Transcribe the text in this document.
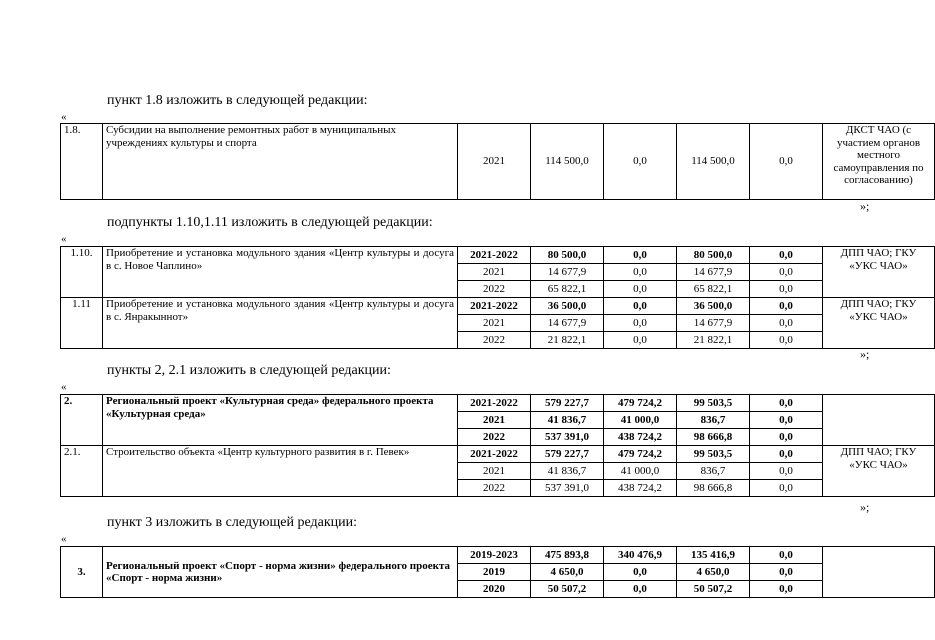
пункт 1.8 изложить в следующей редакции:
«
1.8.	Субсидии на выполнение ремонтных работ в муниципальных учреждениях культуры и спорта	2021	114 500,0	0,0	114 500,0	0,0	ДКСТ ЧАО (с участием органов местного самоуправления по согласованию)
»;
подпункты 1.10,1.11 изложить в следующей редакции:
«
1.10.	Приобретение и установка модульного здания «Центр культуры и досуга в с. Новое Чаплино»	2021-2022	80 500,0	0,0	80 500,0	0,0	ДПП ЧАО; ГКУ «УКС ЧАО»
		2021	14 677,9	0,0	14 677,9	0,0	
		2022	65 822,1	0,0	65 822,1	0,0	
1.11	Приобретение и установка модульного здания «Центр культуры и досуга в с. Янракыннот»	2021-2022	36 500,0	0,0	36 500,0	0,0	ДПП ЧАО; ГКУ «УКС ЧАО»
		2021	14 677,9	0,0	14 677,9	0,0	
		2022	21 822,1	0,0	21 822,1	0,0	
»;
пункты 2, 2.1 изложить в следующей редакции:
«
2.	Региональный проект «Культурная среда» федерального проекта «Культурная среда»	2021-2022	579 227,7	479 724,2	99 503,5	0,0	
		2021	41 836,7	41 000,0	836,7	0,0	
		2022	537 391,0	438 724,2	98 666,8	0,0	
2.1.	Строительство объекта «Центр культурного развития в г. Певек»	2021-2022	579 227,7	479 724,2	99 503,5	0,0	ДПП ЧАО; ГКУ «УКС ЧАО»
		2021	41 836,7	41 000,0	836,7	0,0	
		2022	537 391,0	438 724,2	98 666,8	0,0	
»;
пункт 3 изложить в следующей редакции:
«
3.	Региональный проект «Спорт - норма жизни» федерального проекта «Спорт - норма жизни»	2019-2023	475 893,8	340 476,9	135 416,9	0,0	
		2019	4 650,0	0,0	4 650,0	0,0	
		2020	50 507,2	0,0	50 507,2	0,0	
